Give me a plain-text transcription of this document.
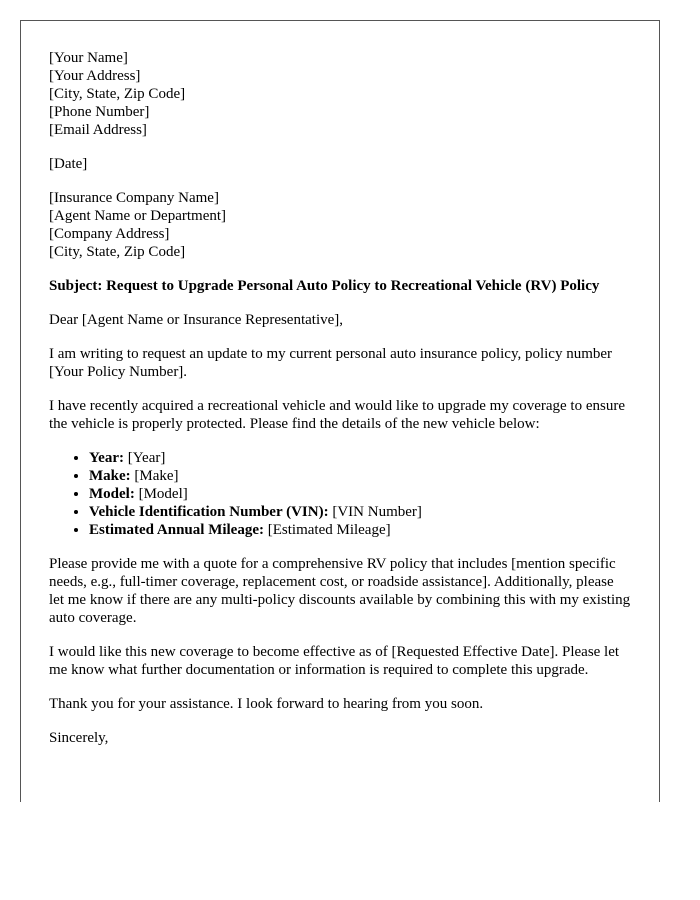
[Your Name]
[Your Address]
[City, State, Zip Code]
[Phone Number]
[Email Address]
[Date]
[Insurance Company Name]
[Agent Name or Department]
[Company Address]
[City, State, Zip Code]

Subject: Request to Upgrade Personal Auto Policy to Recreational Vehicle (RV) Policy

Dear [Agent Name or Insurance Representative],

I am writing to request an update to my current personal auto insurance policy, policy number [Your Policy Number].

I have recently acquired a recreational vehicle and would like to upgrade my coverage to ensure the vehicle is properly protected. Please find the details of the new vehicle below:

• Year: [Year]
• Make: [Make]
• Model: [Model]
• Vehicle Identification Number (VIN): [VIN Number]
• Estimated Annual Mileage: [Estimated Mileage]

Please provide me with a quote for a comprehensive RV policy that includes [mention specific needs, e.g., full-timer coverage, replacement cost, or roadside assistance]. Additionally, please let me know if there are any multi-policy discounts available by combining this with my existing auto coverage.

I would like this new coverage to become effective as of [Requested Effective Date]. Please let me know what further documentation or information is required to complete this upgrade.

Thank you for your assistance. I look forward to hearing from you soon.

Sincerely,
